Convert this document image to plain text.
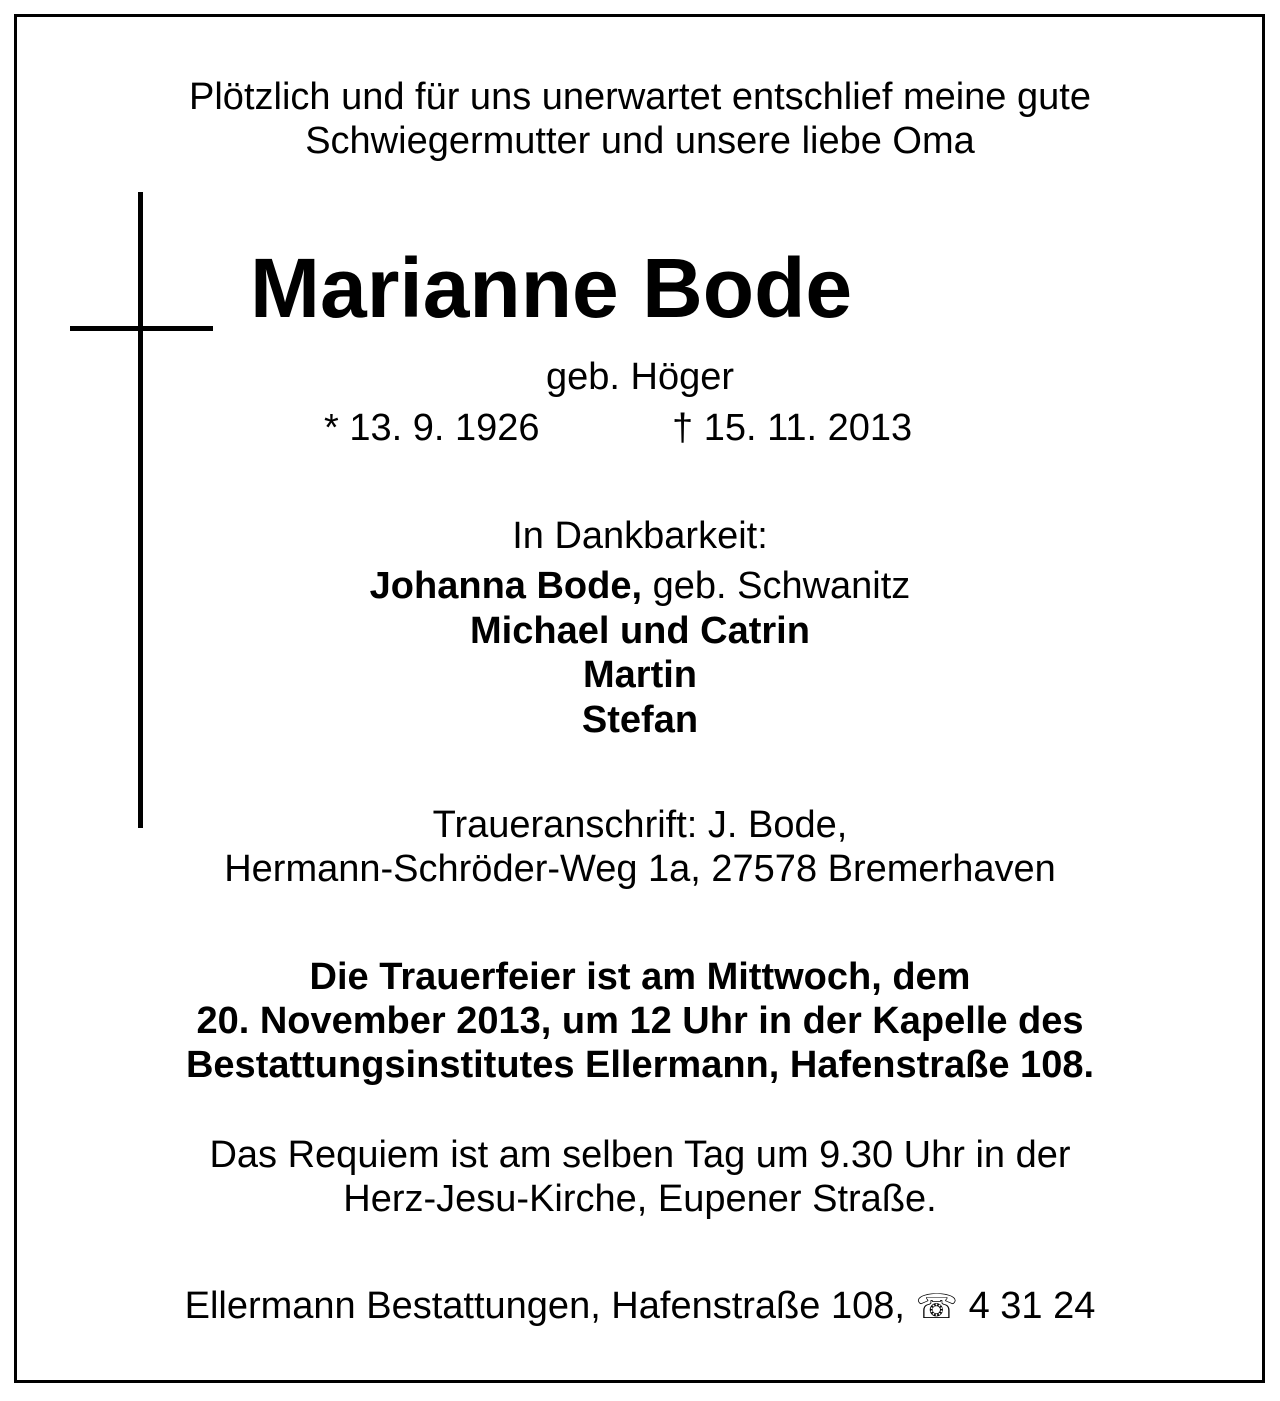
Plötzlich und für uns unerwartet entschlief meine gute
Schwiegermutter und unsere liebe Oma
Marianne Bode
geb. Höger
* 13. 9. 1926	† 15. 11. 2013
In Dankbarkeit:
Johanna Bode, geb. Schwanitz
Michael und Catrin
Martin
Stefan
Traueranschrift: J. Bode,
Hermann-Schröder-Weg 1a, 27578 Bremerhaven
Die Trauerfeier ist am Mittwoch, dem
20. November 2013, um 12 Uhr in der Kapelle des
Bestattungsinstitutes Ellermann, Hafenstraße 108.
Das Requiem ist am selben Tag um 9.30 Uhr in der
Herz-Jesu-Kirche, Eupener Straße.
Ellermann Bestattungen, Hafenstraße 108, ☏ 4 31 24
